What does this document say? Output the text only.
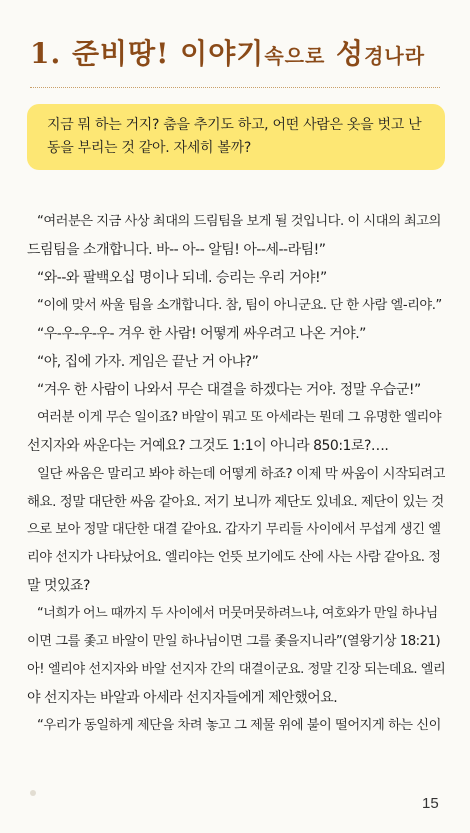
1. 준비땅! 이야기속으로 성경나라

지금 뭐 하는 거지? 춤을 추기도 하고, 어떤 사람은 옷을 벗고 난동을 부리는 것 같아. 자세히 볼까?

“여러분은 지금 사상 최대의 드림팀을 보게 될 것입니다. 이 시대의 최고의
드림팀을 소개합니다. 바-- 아-- 알팀! 아--세--라팀!”
“와--와 팔백오십 명이나 되네. 승리는 우리 거야!”
“이에 맞서 싸울 팀을 소개합니다. 참, 팀이 아니군요. 단 한 사람 엘-리야.”
“우-우-우-우- 겨우 한 사람! 어떻게 싸우려고 나온 거야.”
“야, 집에 가자. 게임은 끝난 거 아냐?”
“겨우 한 사람이 나와서 무슨 대결을 하겠다는 거야. 정말 우습군!”
여러분 이게 무슨 일이죠? 바알이 뭐고 또 아세라는 뭔데 그 유명한 엘리야
선지자와 싸운다는 거예요? 그것도 1:1이 아니라 850:1로?….
일단 싸움은 말리고 봐야 하는데 어떻게 하죠? 이제 막 싸움이 시작되려고
해요. 정말 대단한 싸움 같아요. 저기 보니까 제단도 있네요. 제단이 있는 것
으로 보아 정말 대단한 대결 같아요. 갑자기 무리들 사이에서 무섭게 생긴 엘
리야 선지가 나타났어요. 엘리야는 언뜻 보기에도 산에 사는 사람 같아요. 정
말 멋있죠?
“너희가 어느 때까지 두 사이에서 머뭇머뭇하려느냐, 여호와가 만일 하나님
이면 그를 좇고 바알이 만일 하나님이면 그를 좇을지니라”(열왕기상 18:21)
아! 엘리야 선지자와 바알 선지자 간의 대결이군요. 정말 긴장 되는데요. 엘리
야 선지자는 바알과 아세라 선지자들에게 제안했어요.
“우리가 동일하게 제단을 차려 놓고 그 제물 위에 불이 떨어지게 하는 신이
15
